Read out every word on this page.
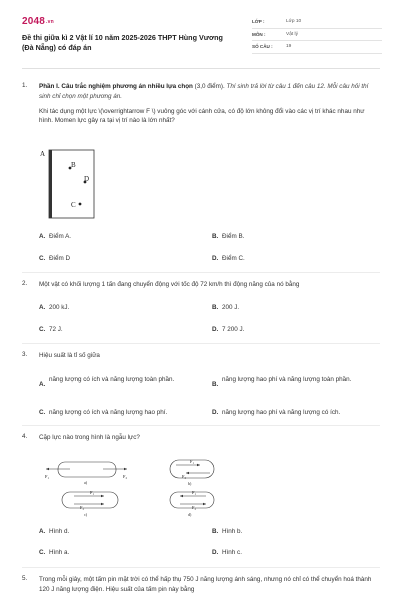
2048.vn
Đề thi giữa kì 2 Vật lí 10 năm 2025-2026 THPT Hùng Vương (Đà Nẵng) có đáp án
LỚP :	Lớp 10
MÔN :	Vật lý
SỐ CÂU :	19
1. Phần I. Câu trắc nghiệm phương án nhiều lựa chọn (3,0 điểm). Thí sinh trả lời từ câu 1 đến câu 12. Mỗi câu hỏi thí sinh chỉ chọn một phương án.
Khi tác dụng một lực \(\overrightarrow F \) vuông góc với cánh cửa, có độ lớn không đổi vào các vị trí khác nhau như hình. Momen lực gây ra tại vị trí nào là lớn nhất?
A
B
D
C
A. Điểm A.	B. Điểm B.
C. Điểm D	D. Điểm C.
2. Một vật có khối lượng 1 tấn đang chuyển động với tốc độ 72 km/h thì động năng của nó bằng
A. 200 kJ.	B. 200 J.
C. 72 J.	D. 7 200 J.
3. Hiệu suất là tỉ số giữa
A.
năng lượng có ích và năng lượng toàn phần.
B.
năng lượng hao phí và năng lượng toàn phần.
C. năng lượng có ích và năng lượng hao phí.	D. năng lượng hao phí và năng lượng có ích.
4. Cặp lực nào trong hình là ngẫu lực?
F₁	F₂
a)
F₁
F₂
b)
F₁
F₂
c)
F₁
F₂
d)
A. Hình d.	B. Hình b.
C. Hình a.	D. Hình c.
5. Trong mỗi giây, một tấm pin mặt trời có thể hấp thụ 750 J năng lượng ánh sáng, nhưng nó chỉ có thể chuyển hoá thành 120 J năng lượng điện. Hiệu suất của tấm pin này bằng
